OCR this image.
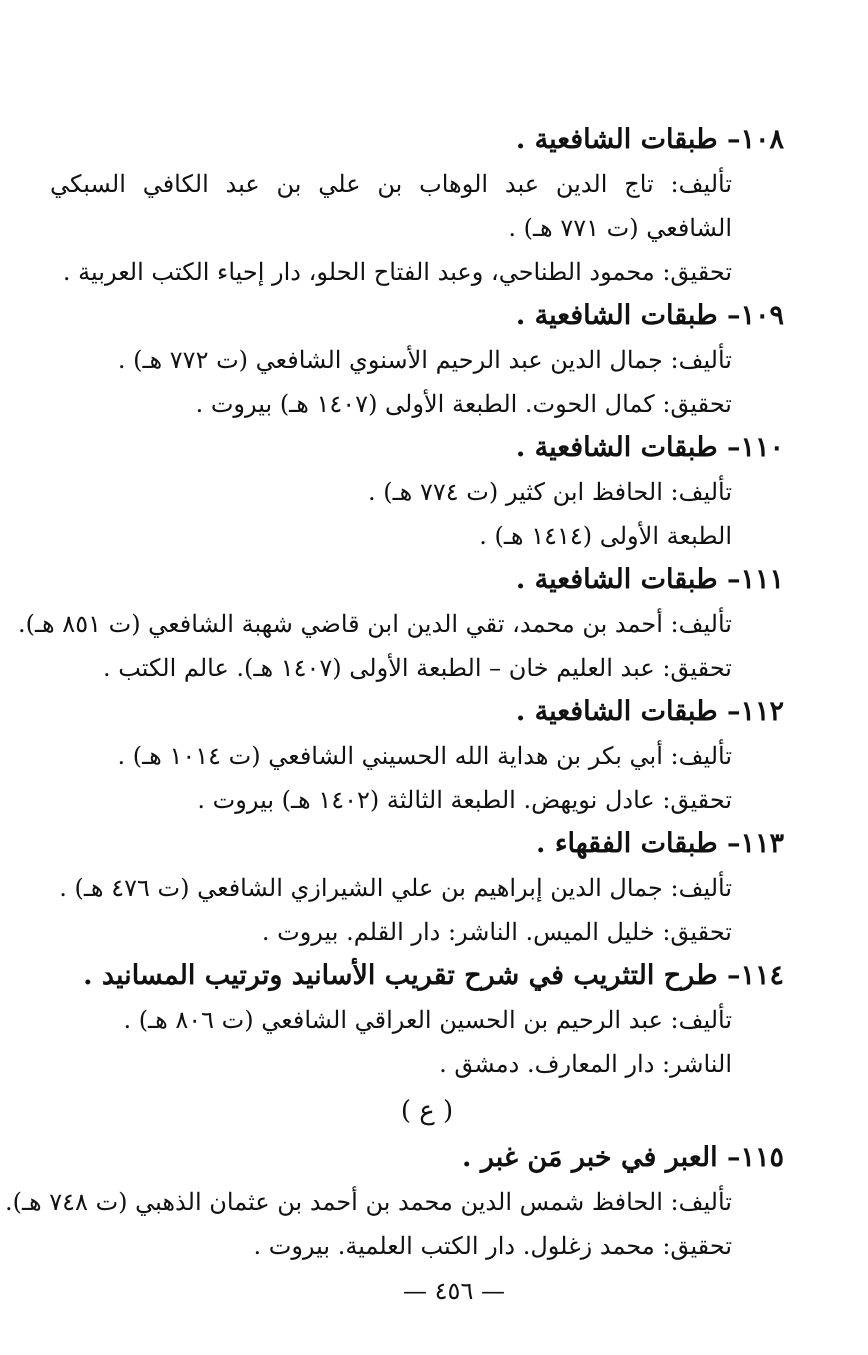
١٠٨– طبقات الشافعية .

تأليف: تاج الدين عبد الوهاب بن علي بن عبد الكافي السبكي الشافعي (ت ٧٧١ هـ) .

تحقيق: محمود الطناحي، وعبد الفتاح الحلو، دار إحياء الكتب العربية .

١٠٩– طبقات الشافعية .

تأليف: جمال الدين عبد الرحيم الأسنوي الشافعي (ت ٧٧٢ هـ) .

تحقيق: كمال الحوت. الطبعة الأولى (١٤٠٧ هـ) بيروت .

١١٠– طبقات الشافعية .

تأليف: الحافظ ابن كثير (ت ٧٧٤ هـ) .

الطبعة الأولى (١٤١٤ هـ) .

١١١– طبقات الشافعية .

تأليف: أحمد بن محمد، تقي الدين ابن قاضي شهبة الشافعي (ت ٨٥١ هـ).

تحقيق: عبد العليم خان – الطبعة الأولى (١٤٠٧ هـ). عالم الكتب .

١١٢– طبقات الشافعية .

تأليف: أبي بكر بن هداية الله الحسيني الشافعي (ت ١٠١٤ هـ) .

تحقيق: عادل نويهض. الطبعة الثالثة (١٤٠٢ هـ) بيروت .

١١٣– طبقات الفقهاء .

تأليف: جمال الدين إبراهيم بن علي الشيرازي الشافعي (ت ٤٧٦ هـ) .

تحقيق: خليل الميس. الناشر: دار القلم. بيروت .

١١٤– طرح التثريب في شرح تقريب الأسانيد وترتيب المسانيد .

تأليف: عبد الرحيم بن الحسين العراقي الشافعي (ت ٨٠٦ هـ) .

الناشر: دار المعارف. دمشق .

( ع )

١١٥– العبر في خبر مَن غبر .

تأليف: الحافظ شمس الدين محمد بن أحمد بن عثمان الذهبي (ت ٧٤٨ هـ).

تحقيق: محمد زغلول. دار الكتب العلمية. بيروت .

— ٤٥٦ —
